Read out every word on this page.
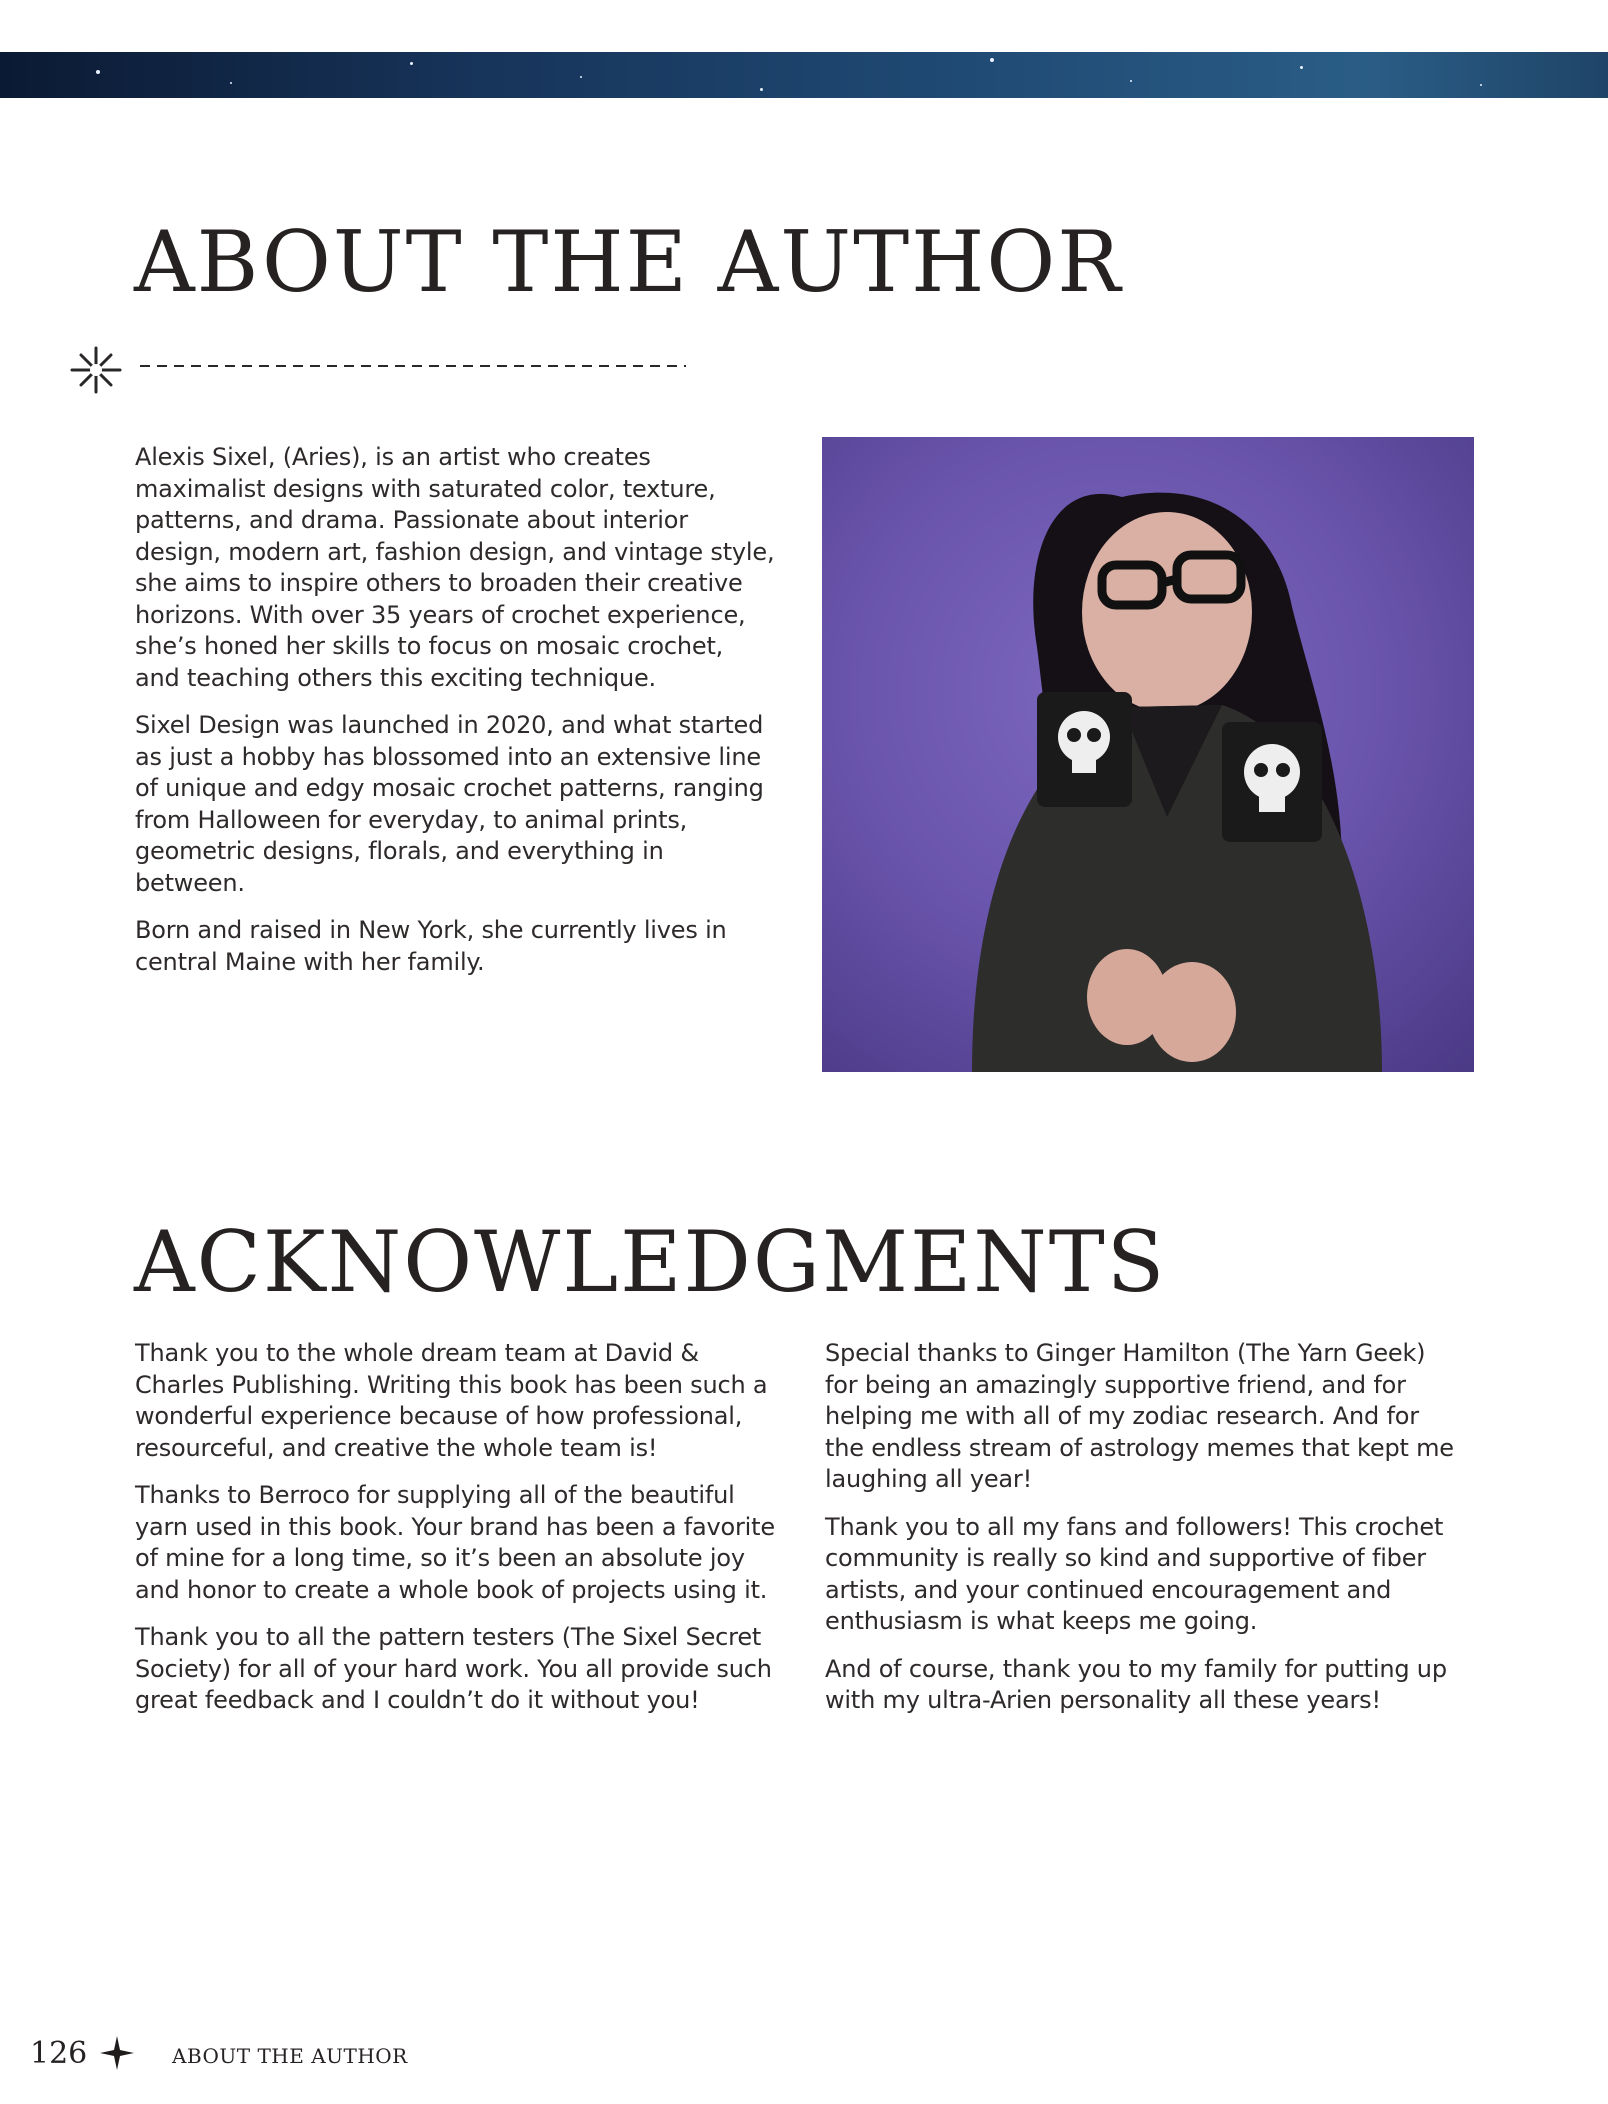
ABOUT THE AUTHOR

Alexis Sixel, (Aries), is an artist who creates maximalist designs with saturated color, texture, patterns, and drama. Passionate about interior design, modern art, fashion design, and vintage style, she aims to inspire others to broaden their creative horizons. With over 35 years of crochet experience, she’s honed her skills to focus on mosaic crochet, and teaching others this exciting technique.

Sixel Design was launched in 2020, and what started as just a hobby has blossomed into an extensive line of unique and edgy mosaic crochet patterns, ranging from Halloween for everyday, to animal prints, geometric designs, florals, and everything in between.

Born and raised in New York, she currently lives in central Maine with her family.

ACKNOWLEDGMENTS

Thank you to the whole dream team at David & Charles Publishing. Writing this book has been such a wonderful experience because of how professional, resourceful, and creative the whole team is!

Thanks to Berroco for supplying all of the beautiful yarn used in this book. Your brand has been a favorite of mine for a long time, so it’s been an absolute joy and honor to create a whole book of projects using it.

Thank you to all the pattern testers (The Sixel Secret Society) for all of your hard work. You all provide such great feedback and I couldn’t do it without you!

Special thanks to Ginger Hamilton (The Yarn Geek) for being an amazingly supportive friend, and for helping me with all of my zodiac research. And for the endless stream of astrology memes that kept me laughing all year!

Thank you to all my fans and followers! This crochet community is really so kind and supportive of fiber artists, and your continued encouragement and enthusiasm is what keeps me going.

And of course, thank you to my family for putting up with my ultra-Arien personality all these years!

126	ABOUT THE AUTHOR
